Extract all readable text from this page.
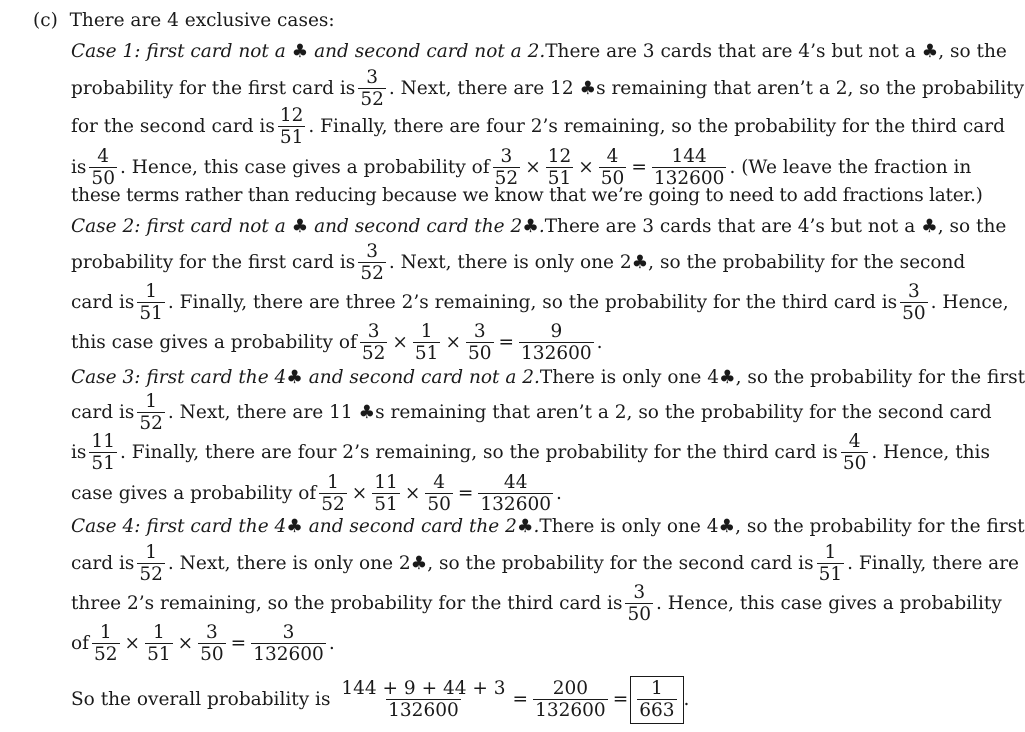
(c) There are 4 exclusive cases:
Case 1: first card not a ♣ and second card not a 2. There are 3 cards that are 4’s but not a ♣, so the
probability for the first card is $\frac{3}{52}$ . Next, there are 12 ♣s remaining that aren’t a 2, so the probability
for the second card is $\frac{12}{51}$ . Finally, there are four 2’s remaining, so the probability for the third card
is $\frac{4}{50}$ . Hence, this case gives a probability of $\frac{3}{52} \times \frac{12}{51} \times \frac{4}{50} = \frac{144}{132600}$ . (We leave the fraction in
these terms rather than reducing because we know that we’re going to need to add fractions later.)
Case 2: first card not a ♣ and second card the 2♣. There are 3 cards that are 4’s but not a ♣, so the
probability for the first card is $\frac{3}{52}$ . Next, there is only one 2♣, so the probability for the second
card is $\frac{1}{51}$ . Finally, there are three 2’s remaining, so the probability for the third card is $\frac{3}{50}$ . Hence,
this case gives a probability of $\frac{3}{52} \times \frac{1}{51} \times \frac{3}{50} = \frac{9}{132600}$ .
Case 3: first card the 4♣ and second card not a 2. There is only one 4♣, so the probability for the first
card is $\frac{1}{52}$ . Next, there are 11 ♣s remaining that aren’t a 2, so the probability for the second card
is $\frac{11}{51}$ . Finally, there are four 2’s remaining, so the probability for the third card is $\frac{4}{50}$ . Hence, this
case gives a probability of $\frac{1}{52} \times \frac{11}{51} \times \frac{4}{50} = \frac{44}{132600}$ .
Case 4: first card the 4♣ and second card the 2♣. There is only one 4♣, so the probability for the first
card is $\frac{1}{52}$ . Next, there is only one 2♣, so the probability for the second card is $\frac{1}{51}$ . Finally, there are
three 2’s remaining, so the probability for the third card is $\frac{3}{50}$ . Hence, this case gives a probability
of $\frac{1}{52} \times \frac{1}{51} \times \frac{3}{50} = \frac{3}{132600}$ .
So the overall probability is
$\frac{144 + 9 + 44 + 3}{132600} = \frac{200}{132600} = \frac{1}{663}$ .
